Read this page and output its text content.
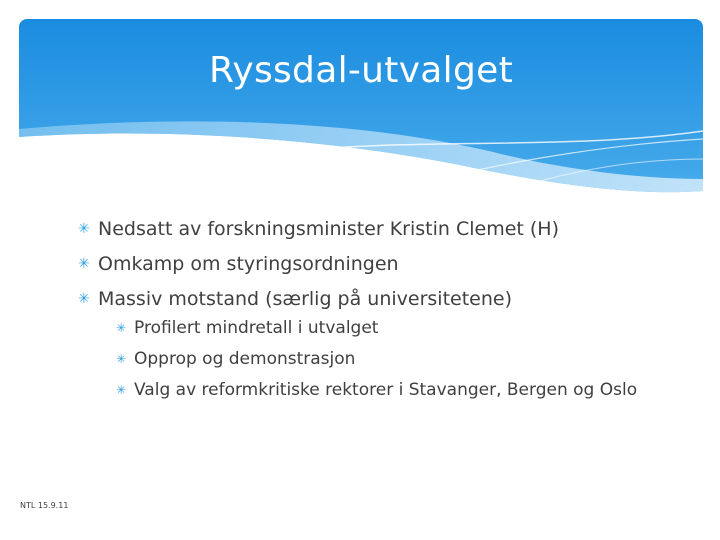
Ryssdal-utvalget
✳ Nedsatt av forskningsminister Kristin Clemet (H)
✳ Omkamp om styringsordningen
✳ Massiv motstand (særlig på universitetene)
✳ Profilert mindretall i utvalget
✳ Opprop og demonstrasjon
✳ Valg av reformkritiske rektorer i Stavanger, Bergen og Oslo
NTL 15.9.11
